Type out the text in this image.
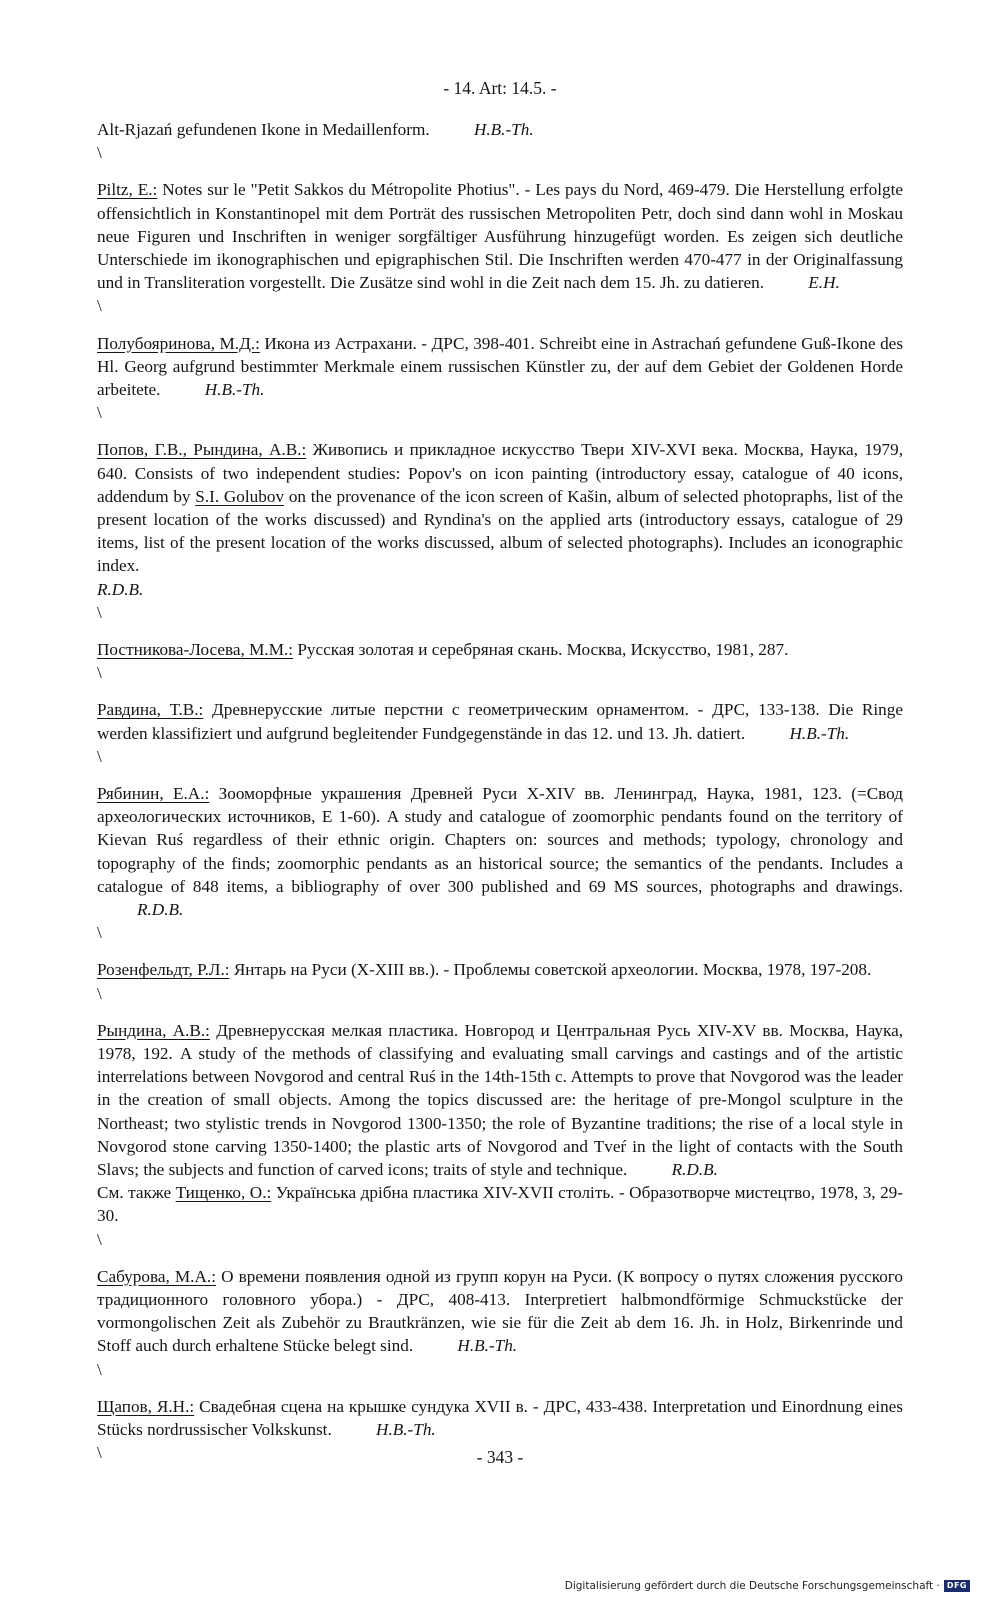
- 14. Art: 14.5. -

Alt-Rjazań gefundenen Ikone in Medaillenform.	H.B.-Th.

\

Piltz, E.: Notes sur le "Petit Sakkos du Métropolite Photius". - Les pays du Nord, 469-479. Die Herstellung erfolgte offensichtlich in Konstantinopel mit dem Porträt des russischen Metropoliten Petr, doch sind dann wohl in Moskau neue Figuren und Inschriften in weniger sorgfältiger Ausführung hinzugefügt worden. Es zeigen sich deutliche Unterschiede im ikonographischen und epigraphischen Stil. Die Inschriften werden 470-477 in der Originalfassung und in Transliteration vorgestellt. Die Zusätze sind wohl in die Zeit nach dem 15. Jh. zu datieren.	E.H.

\

Полубояринова, М.Д.: Икона из Астрахани. - ДРС, 398-401. Schreibt eine in Astrachań gefundene Guß-Ikone des Hl. Georg aufgrund bestimmter Merkmale einem russischen Künstler zu, der auf dem Gebiet der Goldenen Horde arbeitete.	H.B.-Th.

\

Попов, Г.В., Рындина, А.В.: Живопись и прикладное искусство Твери XIV-XVI века. Москва, Наука, 1979, 640. Consists of two independent studies: Popov's on icon painting (introductory essay, catalogue of 40 icons, addendum by S.I. Golubov on the provenance of the icon screen of Kašin, album of selected photopraphs, list of the present location of the works discussed) and Ryndina's on the applied arts (introductory essays, catalogue of 29 items, list of the present location of the works discussed, album of selected photographs). Includes an iconographic index.
R.D.B.

\

Постникова-Лосева, М.М.: Русская золотая и серебряная скань. Москва, Искусство, 1981, 287.

\

Равдина, Т.В.: Древнерусские литые перстни с геометрическим орнаментом. - ДРС, 133-138. Die Ringe werden klassifiziert und aufgrund begleitender Fundgegenstände in das 12. und 13. Jh. datiert.	H.B.-Th.

\

Рябинин, Е.А.: Зооморфные украшения Древней Руси X-XIV вв. Ленинград, Наука, 1981, 123. (=Свод археологических источников, Е 1-60). A study and catalogue of zoomorphic pendants found on the territory of Kievan Ruś regardless of their ethnic origin. Chapters on: sources and methods; typology, chronology and topography of the finds; zoomorphic pendants as an historical source; the semantics of the pendants. Includes a catalogue of 848 items, a bibliography of over 300 published and 69 MS sources, photographs and drawings. R.D.B.

\

Розенфельдт, Р.Л.: Янтарь на Руси (X-XIII вв.). - Проблемы советской археологии. Москва, 1978, 197-208.

\

Рындина, А.В.: Древнерусская мелкая пластика. Новгород и Центральная Русь XIV-XV вв. Москва, Наука, 1978, 192. A study of the methods of classifying and evaluating small carvings and castings and of the artistic interrelations between Novgorod and central Ruś in the 14th-15th c. Attempts to prove that Novgorod was the leader in the creation of small objects. Among the topics discussed are: the heritage of pre-Mongol sculpture in the Northeast; two stylistic trends in Novgorod 1300-1350; the role of Byzantine traditions; the rise of a local style in Novgorod stone carving 1350-1400; the plastic arts of Novgorod and Tveŕ in the light of contacts with the South Slavs; the subjects and function of carved icons; traits of style and technique.	R.D.B.

См. также Тищенко, О.: Українська дрібна пластика XIV-XVII століть. - Образотворче мистецтво, 1978, 3, 29-30.

\

Сабурова, М.А.: О времени появления одной из групп корун на Руси. (К вопросу о путях сложения русского традиционного головного убора.) - ДРС, 408-413. Interpretiert halbmondförmige Schmuckstücke der vormongolischen Zeit als Zubehör zu Brautkränzen, wie sie für die Zeit ab dem 16. Jh. in Holz, Birkenrinde und Stoff auch durch erhaltene Stücke belegt sind.	H.B.-Th.

\

Щапов, Я.Н.: Свадебная сцена на крышке сундука XVII в. - ДРС, 433-438. Interpretation und Einordnung eines Stücks nordrussischer Volkskunst.	H.B.-Th.

\	- 343 -
Digitalisierung gefördert durch die Deutsche Forschungsgemeinschaft · DFG
